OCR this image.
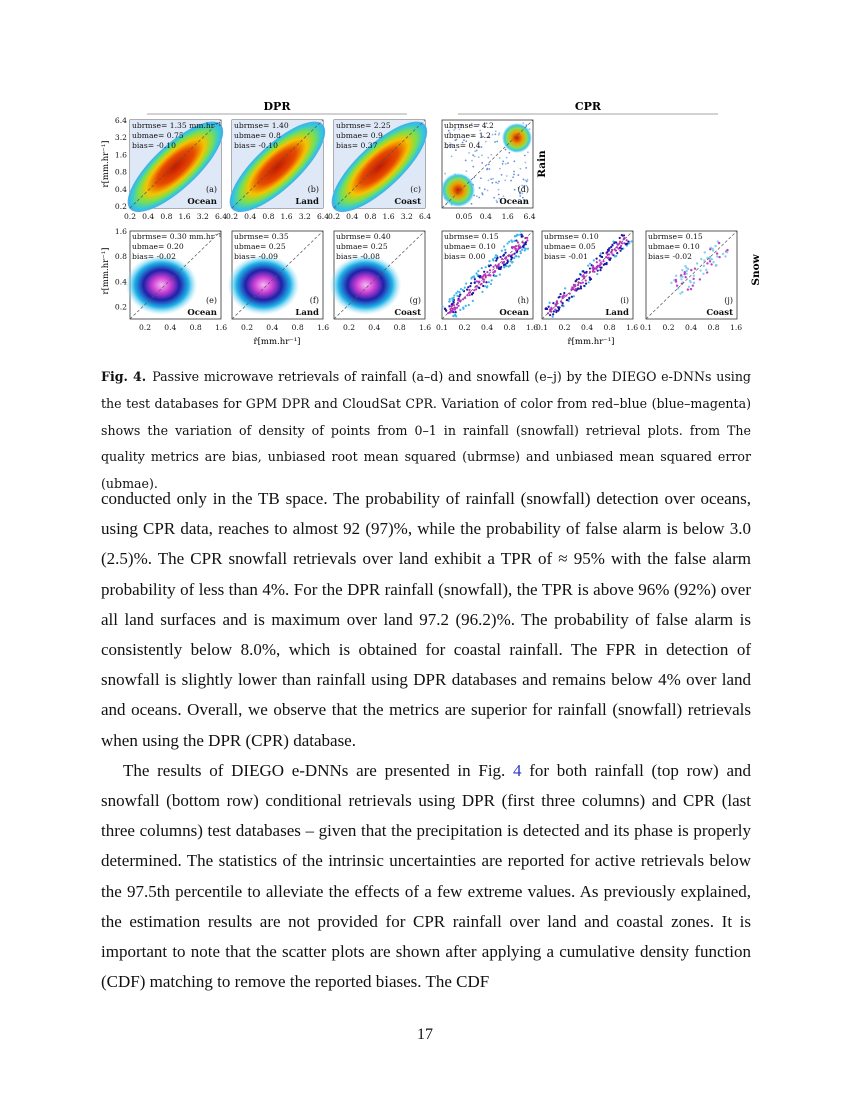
DPR	CPR
Rain
Snow
r[mm.hr⁻¹]
r[mm.hr⁻¹]
r̂[mm.hr⁻¹]	r̂[mm.hr⁻¹]
ubrmse= 1.35 mm.hr⁻¹
ubmae= 0.75
bias= -0.10
(a)
Ocean
ubrmse= 1.40
ubmae= 0.8
bias= -0.10
(b)
Land
ubrmse= 2.25
ubmae= 0.9
bias= 0.37
(c)
Coast
ubrmse= 4.2
ubmae= 1.2
bias= 0.4
(d)
Ocean
ubrmse= 0.30 mm.hr⁻¹
ubmae= 0.20
bias= -0.02
(e)
Ocean
ubrmse= 0.35
ubmae= 0.25
bias= -0.09
(f)
Land
ubrmse= 0.40
ubmae= 0.25
bias= -0.08
(g)
Coast
ubrmse= 0.15
ubmae= 0.10
bias= 0.00
(h)
Ocean
ubrmse= 0.10
ubmae= 0.05
bias= -0.01
(i)
Land
ubrmse= 0.15
ubmae= 0.10
bias= -0.02
(j)
Coast
6.4
3.2
1.6
0.8
0.4
0.2
1.6
0.8
0.4
0.2
0.2 0.4 0.8 1.6 3.2 6.4
0.2 0.4 0.8 1.6
0.2 0.4 0.8 1.6 3.2 6.4
0.2 0.4 0.8 1.6
0.2 0.4 0.8 1.6 3.2 6.4
0.2 0.4 0.8 1.6
0.05 0.4 1.6 6.4
0.1 0.2 0.4 0.8 1.6
0.1 0.2 0.4 0.8 1.6 0.1 0.2 0.4 0.8 1.6
Fig. 4. Passive microwave retrievals of rainfall (a–d) and snowfall (e–j) by the DIEGO e-DNNs using the test databases for GPM DPR and CloudSat CPR. Variation of color from red–blue (blue–magenta) shows the variation of density of points from 0–1 in rainfall (snowfall) retrieval plots. from The quality metrics are bias, unbiased root mean squared (ubrmse) and unbiased mean squared error (ubmae).

conducted only in the TB space. The probability of rainfall (snowfall) detection over oceans, using CPR data, reaches to almost 92 (97)%, while the probability of false alarm is below 3.0 (2.5)%. The CPR snowfall retrievals over land exhibit a TPR of ≈ 95% with the false alarm probability of less than 4%. For the DPR rainfall (snowfall), the TPR is above 96% (92%) over all land surfaces and is maximum over land 97.2 (96.2)%. The probability of false alarm is consistently below 8.0%, which is obtained for coastal rainfall. The FPR in detection of snowfall is slightly lower than rainfall using DPR databases and remains below 4% over land and oceans. Overall, we observe that the metrics are superior for rainfall (snowfall) retrievals when using the DPR (CPR) database.

The results of DIEGO e-DNNs are presented in Fig. 4 for both rainfall (top row) and snowfall (bottom row) conditional retrievals using DPR (first three columns) and CPR (last three columns) test databases – given that the precipitation is detected and its phase is properly determined. The statistics of the intrinsic uncertainties are reported for active retrievals below the 97.5th percentile to alleviate the effects of a few extreme values. As previously explained, the estimation results are not provided for CPR rainfall over land and coastal zones. It is important to note that the scatter plots are shown after applying a cumulative density function (CDF) matching to remove the reported biases. The CDF

17
